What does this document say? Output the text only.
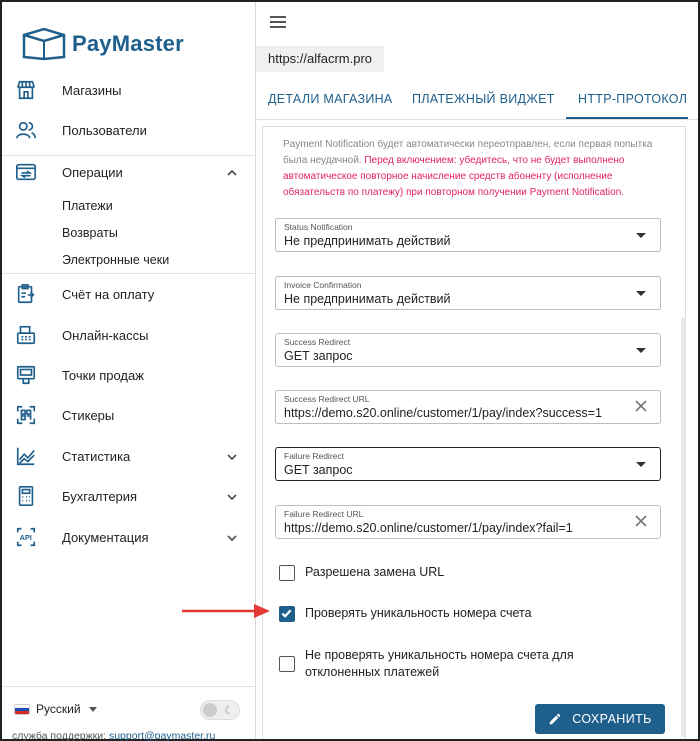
PayMaster
Магазины
Пользователи
Операции
Платежи
Возвраты
Электронные чеки
Счёт на оплату
Онлайн-кассы
Точки продаж
Стикеры
Статистика
Бухгалтерия
API Документация
Русский	☾
служба поддержки: support@paymaster.ru
https://alfacrm.pro
ДЕТАЛИ МАГАЗИНА ПЛАТЕЖНЫЙ ВИДЖЕТ HTTP-ПРОТОКОЛ
Payment Notification будет автоматически переотправлен, если первая попытка была неудачной. Перед включением: убедитесь, что не будет выполнено автоматическое повторное начисление средств абоненту (исполнение обязательств по платежу) при повторном получении Payment Notification.
Status Notification
Не предпринимать действий
Invoice Confirmation
Не предпринимать действий
Success Redirect
GET запрос
Success Redirect URL
https://demo.s20.online/customer/1/pay/index?success=1
Failure Redirect
GET запрос
Failure Redirect URL
https://demo.s20.online/customer/1/pay/index?fail=1
Разрешена замена URL
Проверять уникальность номера счета
Не проверять уникальность номера счета для отклоненных платежей
СОХРАНИТЬ
